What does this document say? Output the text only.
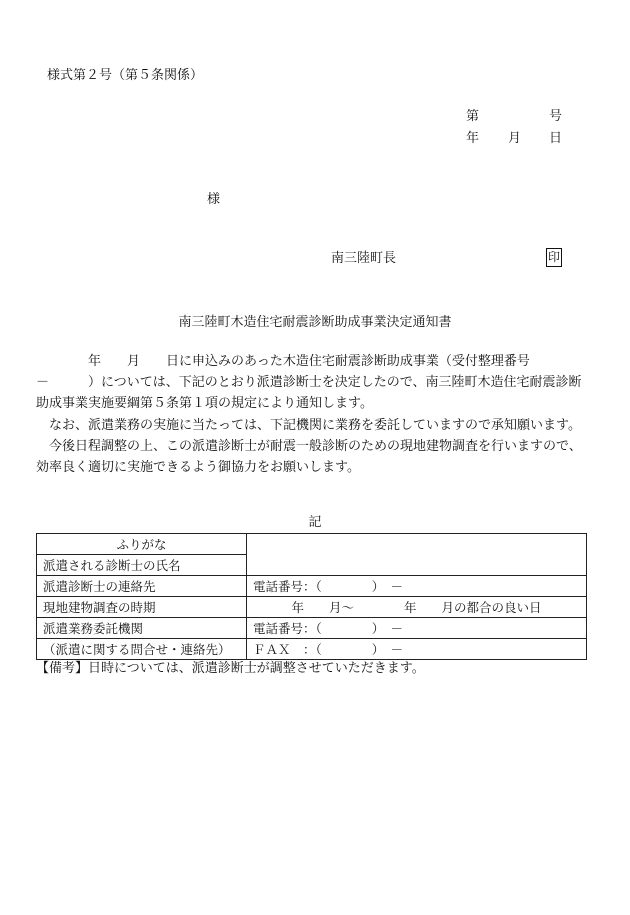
様式第２号（第５条関係）
第	号
年 月 日
様
南三陸町長	印
南三陸町木造住宅耐震診断助成事業決定通知書

　　　　年　　月　　日に申込みのあった木造住宅耐震診断助成事業（受付整理番号　－　　　）については、下記のとおり派遣診断士を決定したので、南三陸町木造住宅耐震診断助成事業実施要綱第５条第１項の規定により通知します。

　なお、派遣業務の実施に当たっては、下記機関に業務を委託していますので承知願います。

　今後日程調整の上、この派遣診断士が耐震一般診断のための現地建物調査を行いますので、効率良く適切に実施できるよう御協力をお願いします。

記
ふりがな	
派遣される診断士の氏名	
派遣診断士の連絡先	電話番号：（　　　　）　－
現地建物調査の時期	年　　月～　　　　年　　月の都合の良い日
派遣業務委託機関	電話番号：（　　　　）　－
（派遣に関する問合せ・連絡先）	ＦＡＸ　：（　　　　）　－
【備考】日時については、派遣診断士が調整させていただきます。
